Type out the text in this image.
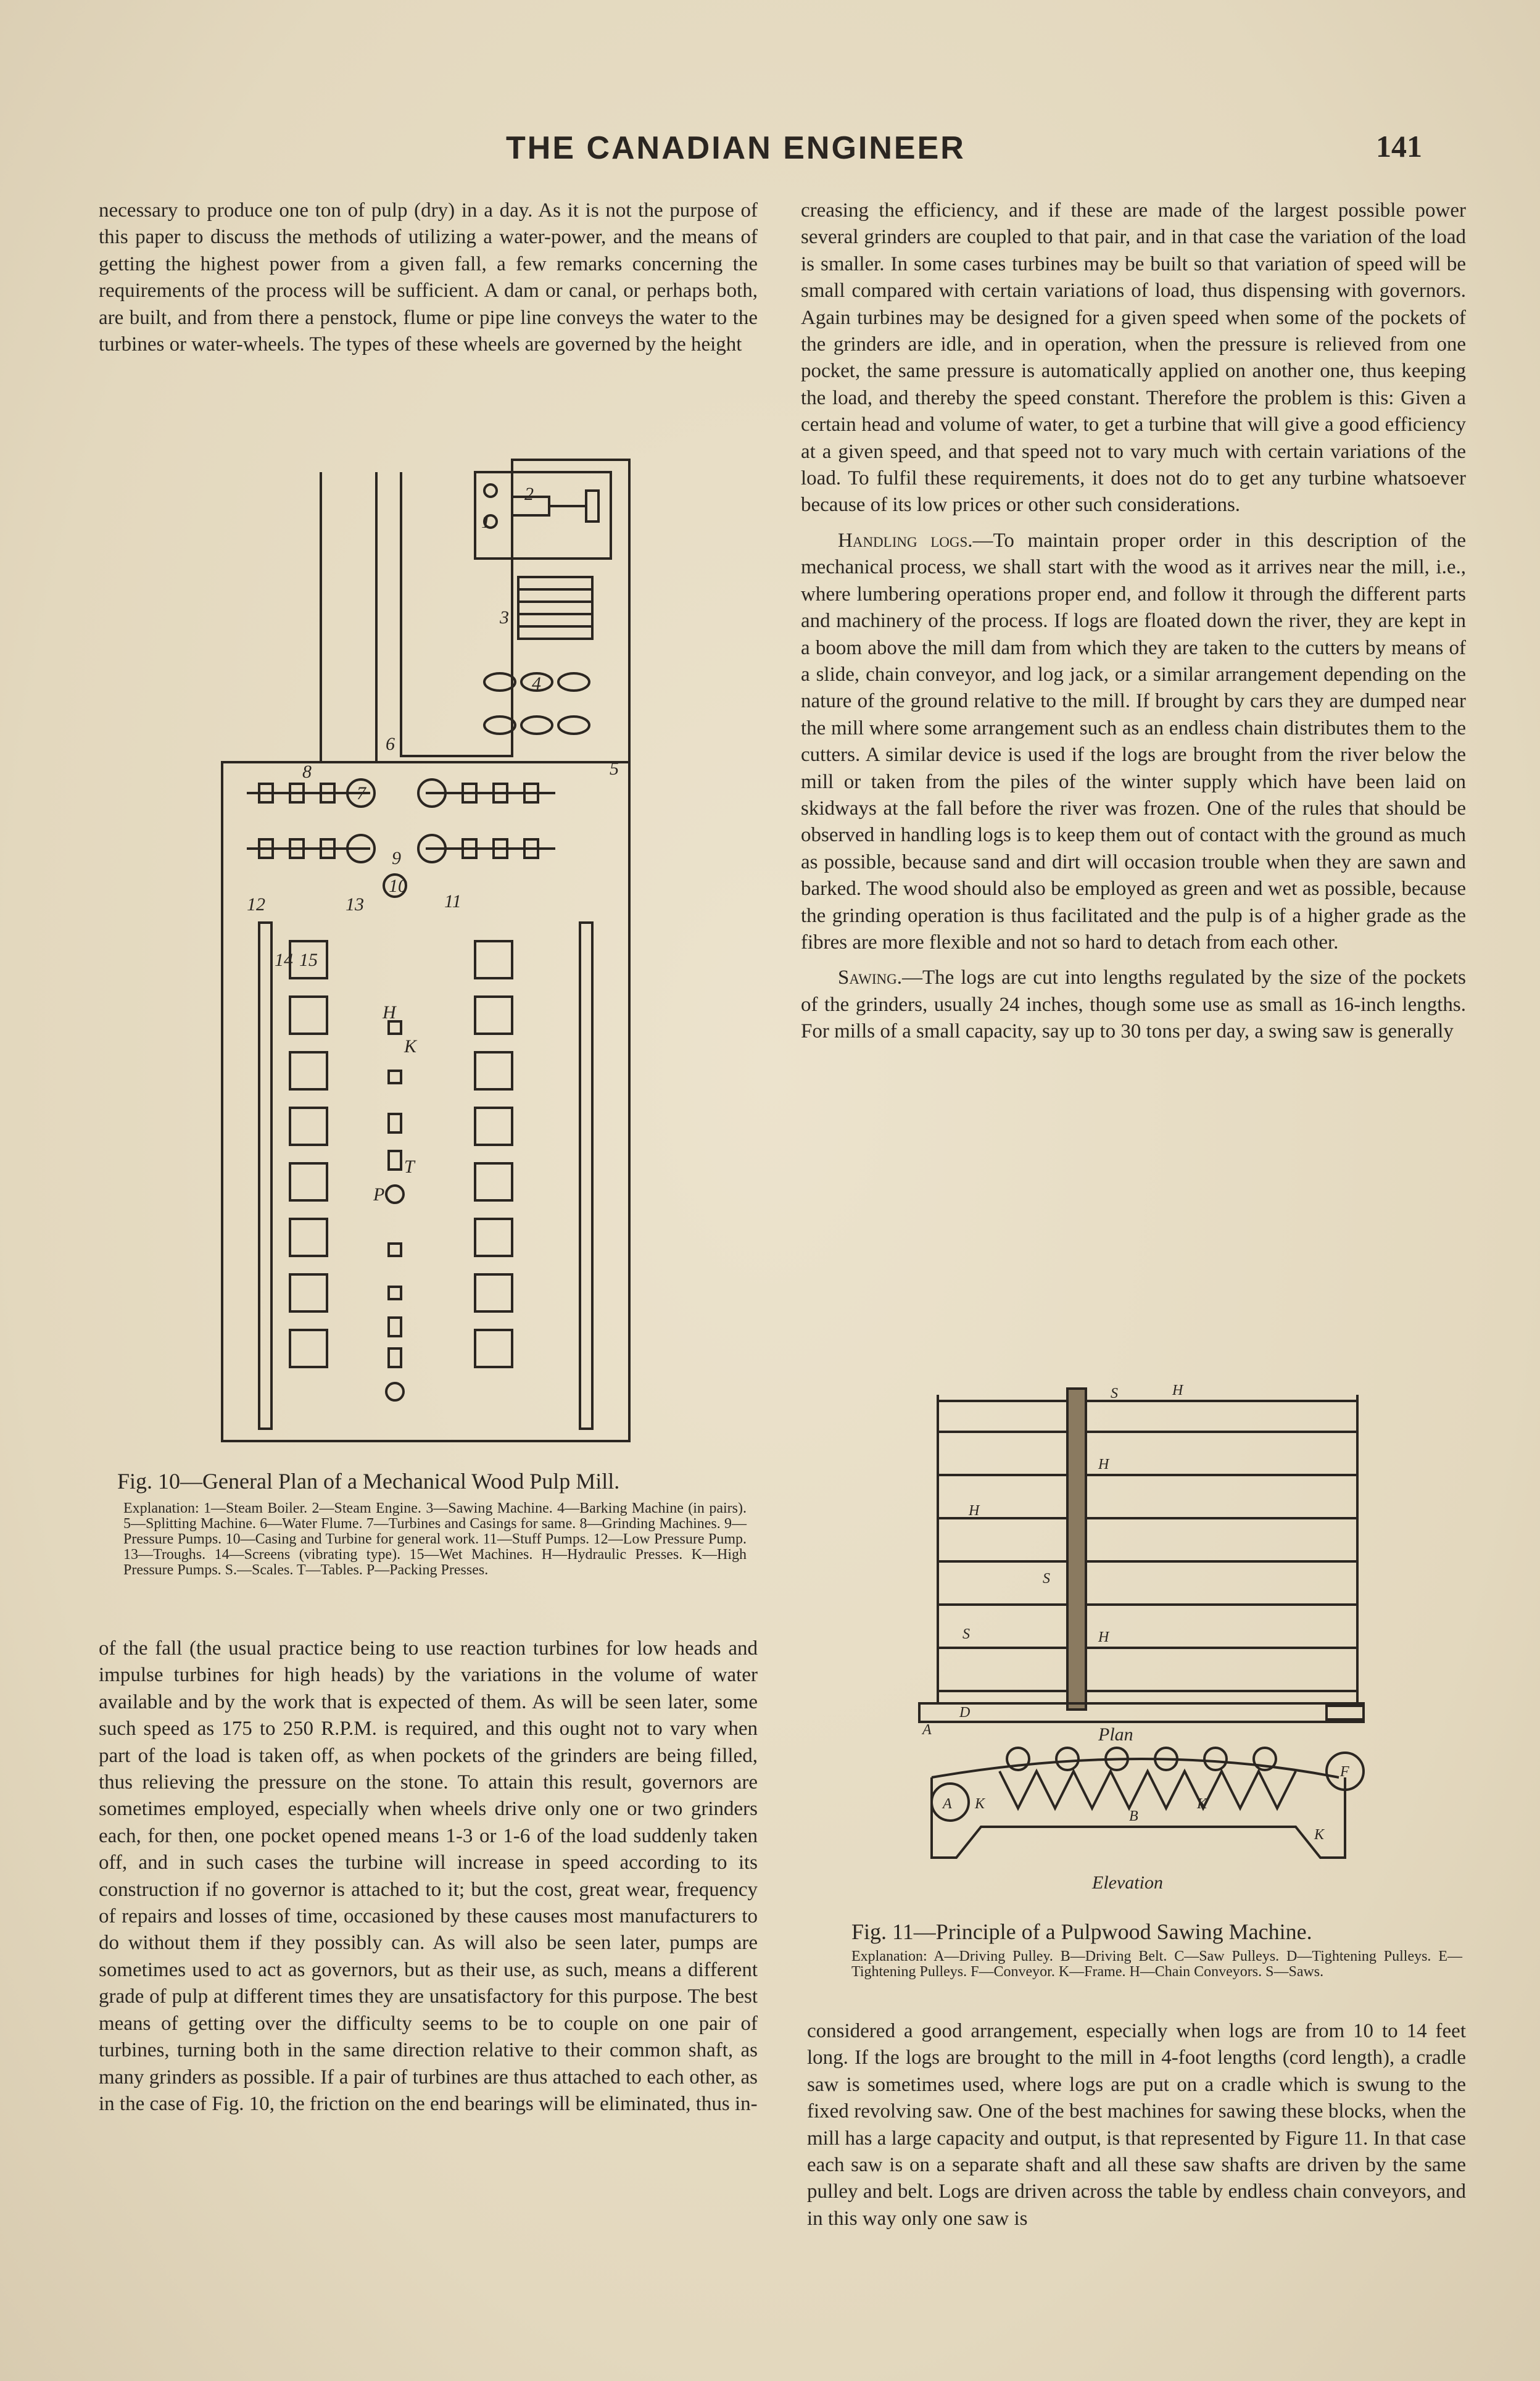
THE CANADIAN ENGINEER	141

necessary to produce one ton of pulp (dry) in a day. As it is not the purpose of this paper to discuss the methods of utilizing a water-power, and the means of getting the highest power from a given fall, a few remarks concerning the requirements of the process will be sufficient. A dam or canal, or perhaps both, are built, and from there a penstock, flume or pipe line conveys the water to the turbines or water-wheels. The types of these wheels are governed by the height

2
1
3
4
5
6
7
8
9
10
11
12	13
14 15
H
K
T
P
Fig. 10—General Plan of a Mechanical Wood Pulp Mill.
Explanation: 1—Steam Boiler. 2—Steam Engine. 3—Sawing Machine. 4—Barking Machine (in pairs). 5—Splitting Machine. 6—Water Flume. 7—Turbines and Casings for same. 8—Grinding Machines. 9—Pressure Pumps. 10—Casing and Turbine for general work. 11—Stuff Pumps. 12—Low Pressure Pump. 13—Troughs. 14—Screens (vibrating type). 15—Wet Machines. H—Hydraulic Presses. K—High Pressure Pumps. S.—Scales. T—Tables. P—Packing Presses.

of the fall (the usual practice being to use reaction turbines for low heads and impulse turbines for high heads) by the variations in the volume of water available and by the work that is expected of them. As will be seen later, some such speed as 175 to 250 R.P.M. is required, and this ought not to vary when part of the load is taken off, as when pockets of the grinders are being filled, thus relieving the pressure on the stone. To attain this result, governors are sometimes employed, especially when wheels drive only one or two grinders each, for then, one pocket opened means 1-3 or 1-6 of the load suddenly taken off, and in such cases the turbine will increase in speed according to its construction if no governor is attached to it; but the cost, great wear, frequency of repairs and losses of time, occasioned by these causes most manufacturers to do without them if they possibly can. As will also be seen later, pumps are sometimes used to act as governors, but as their use, as such, means a different grade of pulp at different times they are unsatisfactory for this purpose. The best means of getting over the difficulty seems to be to couple on one pair of turbines, turning both in the same direction relative to their common shaft, as many grinders as possible. If a pair of turbines are thus attached to each other, as in the case of Fig. 10, the friction on the end bearings will be eliminated, thus in-

creasing the efficiency, and if these are made of the largest possible power several grinders are coupled to that pair, and in that case the variation of the load is smaller. In some cases turbines may be built so that variation of speed will be small compared with certain variations of load, thus dispensing with governors. Again turbines may be designed for a given speed when some of the pockets of the grinders are idle, and in operation, when the pressure is relieved from one pocket, the same pressure is automatically applied on another one, thus keeping the load, and thereby the speed constant. Therefore the problem is this: Given a certain head and volume of water, to get a turbine that will give a good efficiency at a given speed, and that speed not to vary much with certain variations of the load. To fulfil these requirements, it does not do to get any turbine whatsoever because of its low prices or other such considerations.

Handling logs.—To maintain proper order in this description of the mechanical process, we shall start with the wood as it arrives near the mill, i.e., where lumbering operations proper end, and follow it through the different parts and machinery of the process. If logs are floated down the river, they are kept in a boom above the mill dam from which they are taken to the cutters by means of a slide, chain conveyor, and log jack, or a similar arrangement depending on the nature of the ground relative to the mill. If brought by cars they are dumped near the mill where some arrangement such as an endless chain distributes them to the cutters. A similar device is used if the logs are brought from the river below the mill or taken from the piles of the winter supply which have been laid on skidways at the fall before the river was frozen. One of the rules that should be observed in handling logs is to keep them out of contact with the ground as much as possible, because sand and dirt will occasion trouble when they are sawn and barked. The wood should also be employed as green and wet as possible, because the grinding operation is thus facilitated and the pulp is of a higher grade as the fibres are more flexible and not so hard to detach from each other.

Sawing.—The logs are cut into lengths regulated by the size of the pockets of the grinders, usually 24 inches, though some use as small as 16-inch lengths. For mills of a small capacity, say up to 30 tons per day, a swing saw is generally

S	H
H
H
S
S	H
D
A
A K
B
K
F
K
Plan
Elevation
Fig. 11—Principle of a Pulpwood Sawing Machine.
Explanation: A—Driving Pulley. B—Driving Belt. C—Saw Pulleys. D—Tightening Pulleys. E—Tightening Pulleys. F—Conveyor. K—Frame. H—Chain Conveyors. S—Saws.

considered a good arrangement, especially when logs are from 10 to 14 feet long. If the logs are brought to the mill in 4-foot lengths (cord length), a cradle saw is sometimes used, where logs are put on a cradle which is swung to the fixed revolving saw. One of the best machines for sawing these blocks, when the mill has a large capacity and output, is that represented by Figure 11. In that case each saw is on a separate shaft and all these saw shafts are driven by the same pulley and belt. Logs are driven across the table by endless chain conveyors, and in this way only one saw is
